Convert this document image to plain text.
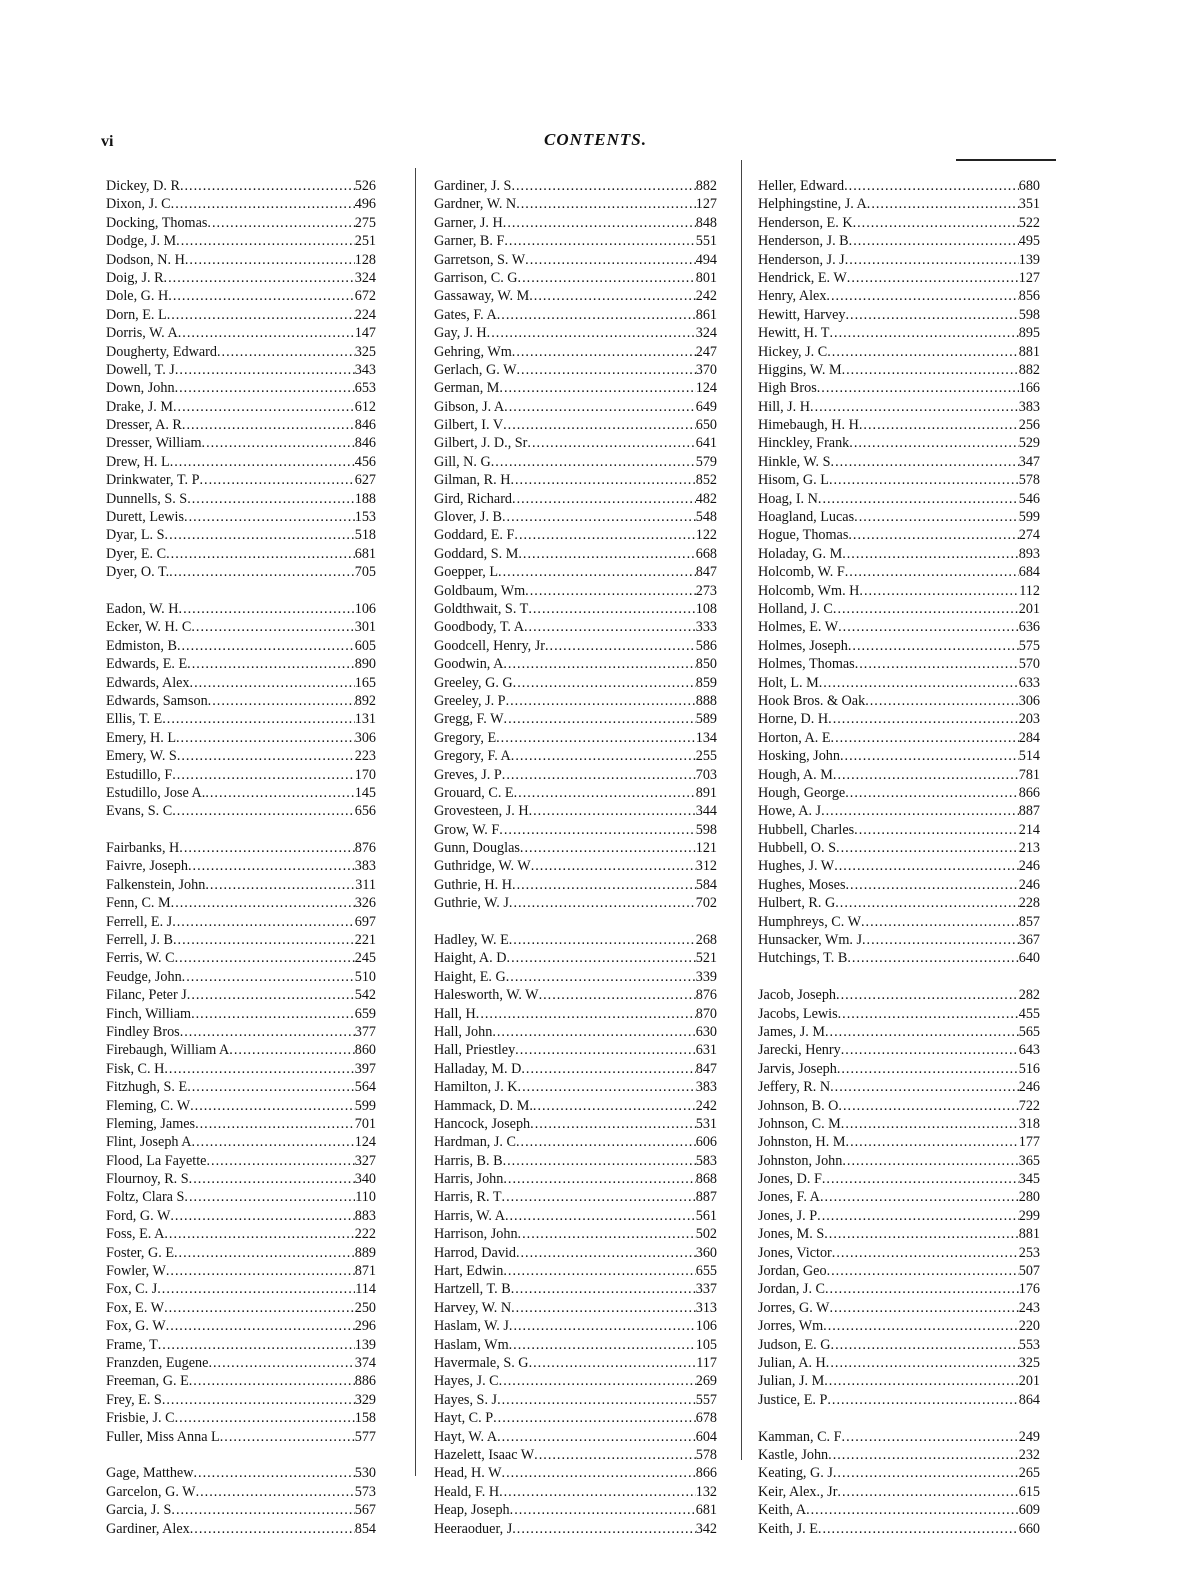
vi	CONTENTS.
Dickey, D. R .....	526
Dixon, J. C .....	496
Docking, Thomas .....	275
Dodge, J. M .....	251
Dodson, N. H .....	128
Doig, J. R .....	324
Dole, G. H .....	672
Dorn, E. L .....	224
Dorris, W. A .....	147
Dougherty, Edward .....	325
Dowell, T. J .....	343
Down, John .....	653
Drake, J. M .....	612
Dresser, A. R .....	846
Dresser, William .....	846
Drew, H. L .....	456
Drinkwater, T. P .....	627
Dunnells, S. S .....	188
Durett, Lewis .....	153
Dyar, L. S .....	518
Dyer, E. C .....	681
Dyer, O. T. .....	705
Eadon, W. H .....	106
Ecker, W. H. C .....	301
Edmiston, B .....	605
Edwards, E. E .....	890
Edwards, Alex .....	165
Edwards, Samson .....	892
Ellis, T. E .....	131
Emery, H. L .....	306
Emery, W. S .....	223
Estudillo, F .....	170
Estudillo, Jose A. .....	145
Evans, S. C .....	656
Fairbanks, H .....	876
Faivre, Joseph .....	383
Falkenstein, John .....	311
Fenn, C. M .....	326
Ferrell, E. J .....	697
Ferrell, J. B .....	221
Ferris, W. C .....	245
Feudge, John .....	510
Filanc, Peter J .....	542
Finch, William .....	659
Findley Bros .....	377
Firebaugh, William A .....	860
Fisk, C. H .....	397
Fitzhugh, S. E .....	564
Fleming, C. W .....	599
Fleming, James .....	701
Flint, Joseph A .....	124
Flood, La Fayette .....	327
Flournoy, R. S .....	340
Foltz, Clara S .....	110
Ford, G. W .....	883
Foss, E. A .....	222
Foster, G. E .....	889
Fowler, W .....	871
Fox, C. J .....	114
Fox, E. W .....	250
Fox, G. W .....	296
Frame, T .....	139
Franzden, Eugene .....	374
Freeman, G. E .....	886
Frey, E. S .....	329
Frisbie, J. C .....	158
Fuller, Miss Anna L .....	577
Gage, Matthew .....	530
Garcelon, G. W .....	573
Garcia, J. S .....	567
Gardiner, Alex .....	854
Gardiner, J. S .....	882
Gardner, W. N .....	127
Garner, J. H .....	848
Garner, B. F .....	551
Garretson, S. W .....	494
Garrison, C. G .....	801
Gassaway, W. M .....	242
Gates, F. A .....	861
Gay, J. H .....	324
Gehring, Wm .....	247
Gerlach, G. W .....	370
German, M .....	124
Gibson, J. A .....	649
Gilbert, I. V .....	650
Gilbert, J. D., Sr .....	641
Gill, N. G .....	579
Gilman, R. H .....	852
Gird, Richard .....	482
Glover, J. B .....	548
Goddard, E. F .....	122
Goddard, S. M .....	668
Goepper, L .....	847
Goldbaum, Wm .....	273
Goldthwait, S. T .....	108
Goodbody, T. A .....	333
Goodcell, Henry, Jr .....	586
Goodwin, A .....	850
Greeley, G. G .....	859
Greeley, J. P .....	888
Gregg, F. W .....	589
Gregory, E .....	134
Gregory, F. A .....	255
Greves, J. P .....	703
Grouard, C. E .....	891
Grovesteen, J. H .....	344
Grow, W. F .....	598
Gunn, Douglas .....	121
Guthridge, W. W .....	312
Guthrie, H. H .....	584
Guthrie, W. J .....	702
Hadley, W. E .....	268
Haight, A. D .....	521
Haight, E. G .....	339
Halesworth, W. W .....	876
Hall, H .....	870
Hall, John .....	630
Hall, Priestley .....	631
Halladay, M. D .....	847
Hamilton, J. K .....	383
Hammack, D. M. .....	242
Hancock, Joseph .....	531
Hardman, J. C .....	606
Harris, B. B .....	583
Harris, John .....	868
Harris, R. T .....	887
Harris, W. A .....	561
Harrison, John .....	502
Harrod, David .....	360
Hart, Edwin .....	655
Hartzell, T. B .....	337
Harvey, W. N .....	313
Haslam, W. J .....	106
Haslam, Wm .....	105
Havermale, S. G .....	117
Hayes, J. C .....	269
Hayes, S. J .....	557
Hayt, C. P .....	678
Hayt, W. A .....	604
Hazelett, Isaac W .....	578
Head, H. W .....	866
Heald, F. H .....	132
Heap, Joseph .....	681
Heeraoduer, J .....	342
Heller, Edward .....	680
Helphingstine, J. A .....	351
Henderson, E. K .....	522
Henderson, J. B .....	495
Henderson, J. J .....	139
Hendrick, E. W .....	127
Henry, Alex .....	856
Hewitt, Harvey .....	598
Hewitt, H. T .....	895
Hickey, J. C .....	881
Higgins, W. M .....	882
High Bros .....	166
Hill, J. H .....	383
Himebaugh, H. H .....	256
Hinckley, Frank .....	529
Hinkle, W. S .....	347
Hisom, G. L .....	578
Hoag, I. N .....	546
Hoagland, Lucas .....	599
Hogue, Thomas .....	274
Holaday, G. M .....	893
Holcomb, W. F .....	684
Holcomb, Wm. H .....	112
Holland, J. C .....	201
Holmes, E. W .....	636
Holmes, Joseph .....	575
Holmes, Thomas .....	570
Holt, L. M .....	633
Hook Bros. & Oak .....	306
Horne, D. H .....	203
Horton, A. E .....	284
Hosking, John .....	514
Hough, A. M .....	781
Hough, George .....	866
Howe, A. J .....	887
Hubbell, Charles .....	214
Hubbell, O. S .....	213
Hughes, J. W .....	246
Hughes, Moses .....	246
Hulbert, R. G .....	228
Humphreys, C. W .....	857
Hunsacker, Wm. J .....	367
Hutchings, T. B .....	640
Jacob, Joseph .....	282
Jacobs, Lewis .....	455
James, J. M .....	565
Jarecki, Henry .....	643
Jarvis, Joseph .....	516
Jeffery, R. N .....	246
Johnson, B. O .....	722
Johnson, C. M .....	318
Johnston, H. M .....	177
Johnston, John .....	365
Jones, D. F .....	345
Jones, F. A .....	280
Jones, J. P .....	299
Jones, M. S .....	881
Jones, Victor .....	253
Jordan, Geo .....	507
Jordan, J. C .....	176
Jorres, G. W .....	243
Jorres, Wm .....	220
Judson, E. G .....	553
Julian, A. H .....	325
Julian, J. M .....	201
Justice, E. P .....	864
Kamman, C. F .....	249
Kastle, John .....	232
Keating, G. J .....	265
Keir, Alex., Jr .....	615
Keith, A .....	609
Keith, J. E .....	660
